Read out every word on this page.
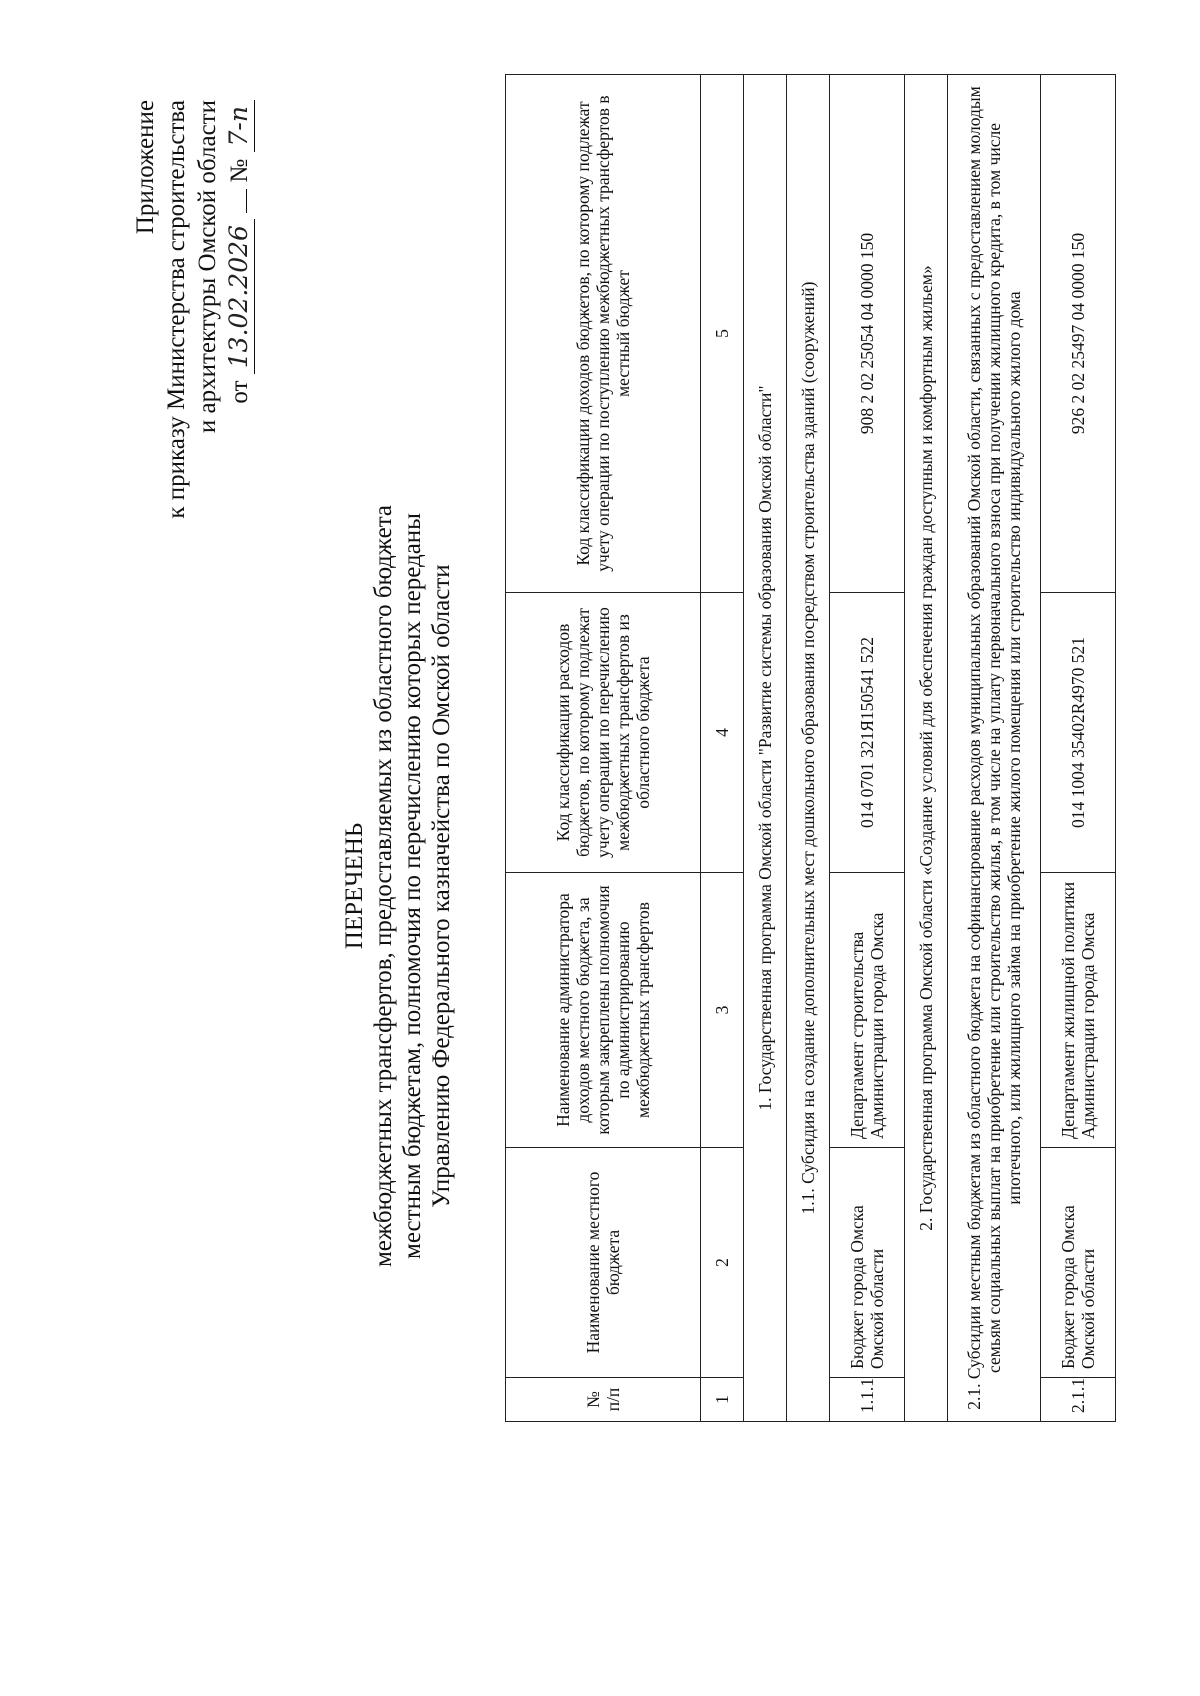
Приложение к приказу Министерства строительства и архитектуры Омской области от 13.02.2026  № 7-п
ПЕРЕЧЕНЬ межбюджетных трансфертов, предоставляемых из областного бюджета местным бюджетам, полномочия по перечислению которых переданы Управлению Федерального казначейства по Омской области
№ п/п	Наименование местного бюджета	Наименование администратора доходов местного бюджета, за которым закреплены полномочия по администрированию межбюджетных трансфертов	Код классификации расходов бюджетов, по которому подлежат учету операции по перечислению межбюджетных трансфертов из областного бюджета	Код классификации доходов бюджетов, по которому подлежат учету операции по поступлению межбюджетных трансфертов в местный бюджет
1	2	3	4	5
1. Государственная программа Омской области "Развитие системы образования Омской области"				
1.1. Субсидия на создание дополнительных мест дошкольного образования посредством строительства зданий (сооружений)				
1.1.1	Бюджет города Омска Омской области	Департамент строительства Администрации города Омска	014 0701 321Я150541 522	908 2 02 25054 04 0000 150
2. Государственная программа Омской области «Создание условий для обеспечения граждан доступным и комфортным жильем»				
2.1. Субсидии местным бюджетам из областного бюджета на софинансирование расходов муниципальных образований Омской области, связанных с предоставлением молодым семьям социальных выплат на приобретение или строительство жилья, в том числе на уплату первоначального взноса при получении жилищного кредита, в том числе ипотечного, или жилищного займа на приобретение жилого помещения или строительство индивидуального жилого дома				
2.1.1	Бюджет города Омска Омской области	Департамент жилищной политики Администрации города Омска	014 1004 35402R4970 521	926 2 02 25497 04 0000 150
